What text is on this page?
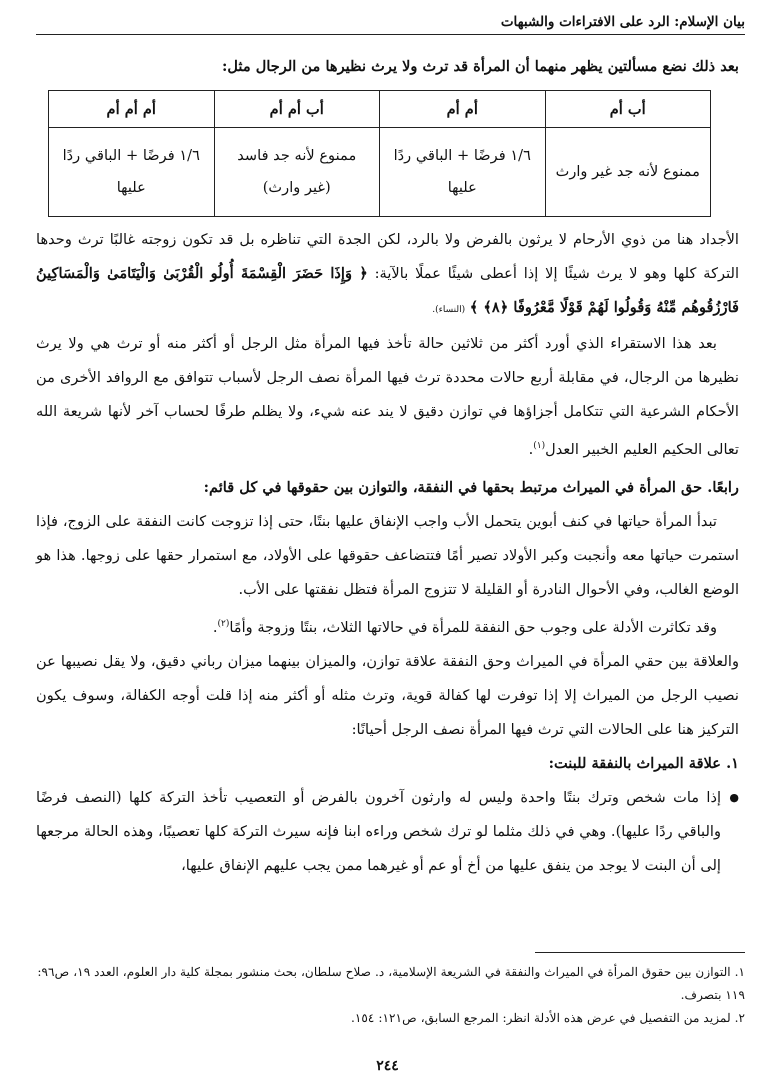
بيان الإسلام: الرد على الافتراءات والشبهات

بعد ذلك نضع مسألتين يظهر منهما أن المرأة قد ترث ولا يرث نظيرها من الرجال مثل:

أب أم	أم أم	أب أم أم	أم أم أم
ممنوع لأنه جد غير وارث	١/٦ فرضًا + الباقي ردًا عليها	ممنوع لأنه جد فاسد (غير وارث)	١/٦ فرضًا + الباقي ردًا عليها

الأجداد هنا من ذوي الأرحام لا يرثون بالفرض ولا بالرد، لكن الجدة التي تناظره بل قد تكون زوجته غالبًا ترث وحدها التركة كلها وهو لا يرث شيئًا إلا إذا أعطى شيئًا عملًا بالآية: ﴿ وَإِذَا حَضَرَ الْقِسْمَةَ أُولُو الْقُرْبَىٰ وَالْيَتَامَىٰ وَالْمَسَاكِينُ فَارْزُقُوهُم مِّنْهُ وَقُولُوا لَهُمْ قَوْلًا مَّعْرُوفًا ﴿٨﴾ ﴾ (النساء).

بعد هذا الاستقراء الذي أورد أكثر من ثلاثين حالة تأخذ فيها المرأة مثل الرجل أو أكثر منه أو ترث هي ولا يرث نظيرها من الرجال، في مقابلة أربع حالات محددة ترث فيها المرأة نصف الرجل لأسباب تتوافق مع الروافد الأخرى من الأحكام الشرعية التي تتكامل أجزاؤها في توازن دقيق لا يند عنه شيء، ولا يظلم طرفًا لحساب آخر لأنها شريعة الله تعالى الحكيم العليم الخبير العدل$^{(١)}$.

رابعًا. حق المرأة في الميراث مرتبط بحقها في النفقة، والتوازن بين حقوقها في كل قائم:

تبدأ المرأة حياتها في كنف أبوين يتحمل الأب واجب الإنفاق عليها بنتًا، حتى إذا تزوجت كانت النفقة على الزوج، فإذا استمرت حياتها معه وأنجبت وكبر الأولاد تصير أمًا فتتضاعف حقوقها على الأولاد، مع استمرار حقها على زوجها. هذا هو الوضع الغالب، وفي الأحوال النادرة أو القليلة لا تتزوج المرأة فتظل نفقتها على الأب.

وقد تكاثرت الأدلة على وجوب حق النفقة للمرأة في حالاتها الثلاث، بنتًا وزوجة وأمًا$^{(٢)}$.

والعلاقة بين حقي المرأة في الميراث وحق النفقة علاقة توازن، والميزان بينهما ميزان رباني دقيق، ولا يقل نصيبها عن نصيب الرجل من الميراث إلا إذا توفرت لها كفالة قوية، وترث مثله أو أكثر منه إذا قلت أوجه الكفالة، وسوف يكون التركيز هنا على الحالات التي ترث فيها المرأة نصف الرجل أحيانًا:

١. علاقة الميراث بالنفقة للبنت:

● إذا مات شخص وترك بنتًا واحدة وليس له وارثون آخرون بالفرض أو التعصيب تأخذ التركة كلها (النصف فرضًا والباقي ردًا عليها). وهي في ذلك مثلما لو ترك شخص وراءه ابنا فإنه سيرث التركة كلها تعصيبًا، وهذه الحالة مرجعها إلى أن البنت لا يوجد من ينفق عليها من أخ أو عم أو غيرهما ممن يجب عليهم الإنفاق عليها،

١. التوازن بين حقوق المرأة في الميراث والنفقة في الشريعة الإسلامية، د. صلاح سلطان، بحث منشور بمجلة كلية دار العلوم، العدد ١٩، ص٩٦: ١١٩ بتصرف.

٢. لمزيد من التفصيل في عرض هذه الأدلة انظر: المرجع السابق، ص١٢١: ١٥٤.

٢٤٤
